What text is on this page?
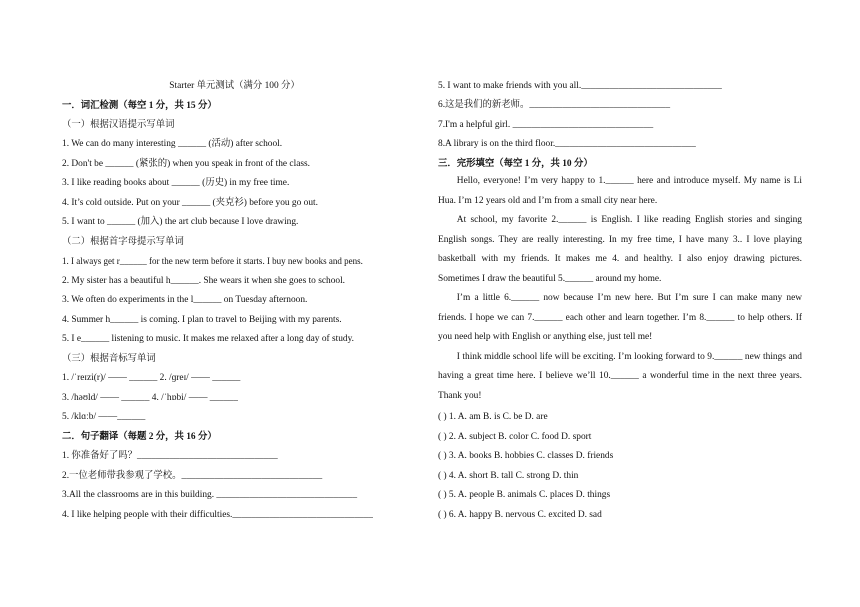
Starter 单元测试（满分 100 分）
一．词汇检测（每空 1 分，共 15 分）
（一）根据汉语提示写单词
1. We can do many interesting ______ (活动) after school.
2. Don't be ______ (紧张的) when you speak in front of the class.
3. I like reading books about ______ (历史) in my free time.
4. It’s cold outside. Put on your ______ (夹克衫) before you go out.
5. I want to ______ (加入) the art club because I love drawing.
（二）根据首字母提示写单词
1. I always get r______ for the new term before it starts. I buy new books and pens.
2. My sister has a beautiful h______. She wears it when she goes to school.
3. We often do experiments in the l______ on Tuesday afternoon.
4. Summer h______ is coming. I plan to travel to Beijing with my parents.
5. I e______ listening to music. It makes me relaxed after a long day of study.
（三）根据音标写单词
1. /ˈreɪzi(r)/ —— ______ 2. /ɡreɪ/ —— ______
3. /həʊld/ —— ______ 4. /ˈhɒbi/ —— ______
5. /klɑːb/ ——______
二．句子翻译（每题 2 分，共 16 分）
1. 你准备好了吗？______________________________
2.一位老师带我参观了学校。______________________________
3.All the classrooms are in this building. ______________________________
4. I like helping people with their difficulties.______________________________
5. I want to make friends with you all.______________________________
6.这是我们的新老师。______________________________
7.I'm a helpful girl. ______________________________
8.A library is on the third floor.______________________________
三．完形填空（每空 1 分，共 10 分）

Hello, everyone! I’m very happy to 1.______ here and introduce myself. My name is Li Hua. I’m 12 years old and I’m from a small city near here.

At school, my favorite 2.______ is English. I like reading English stories and singing English songs. They are really interesting. In my free time, I have many 3.. I love playing basketball with my friends. It makes me 4. and healthy. I also enjoy drawing pictures. Sometimes I draw the beautiful 5.______ around my home.

I’m a little 6.______ now because I’m new here. But I’m sure I can make many new friends. I hope we can 7.______ each other and learn together. I’m 8.______ to help others. If you need help with English or anything else, just tell me!

I think middle school life will be exciting. I’m looking forward to 9.______ new things and having a great time here. I believe we’ll 10.______ a wonderful time in the next three years. Thank you!

( ) 1. A. am B. is C. be D. are
( ) 2. A. subject B. color C. food D. sport
( ) 3. A. books B. hobbies C. classes D. friends
( ) 4. A. short B. tall C. strong D. thin
( ) 5. A. people B. animals C. places D. things
( ) 6. A. happy B. nervous C. excited D. sad
